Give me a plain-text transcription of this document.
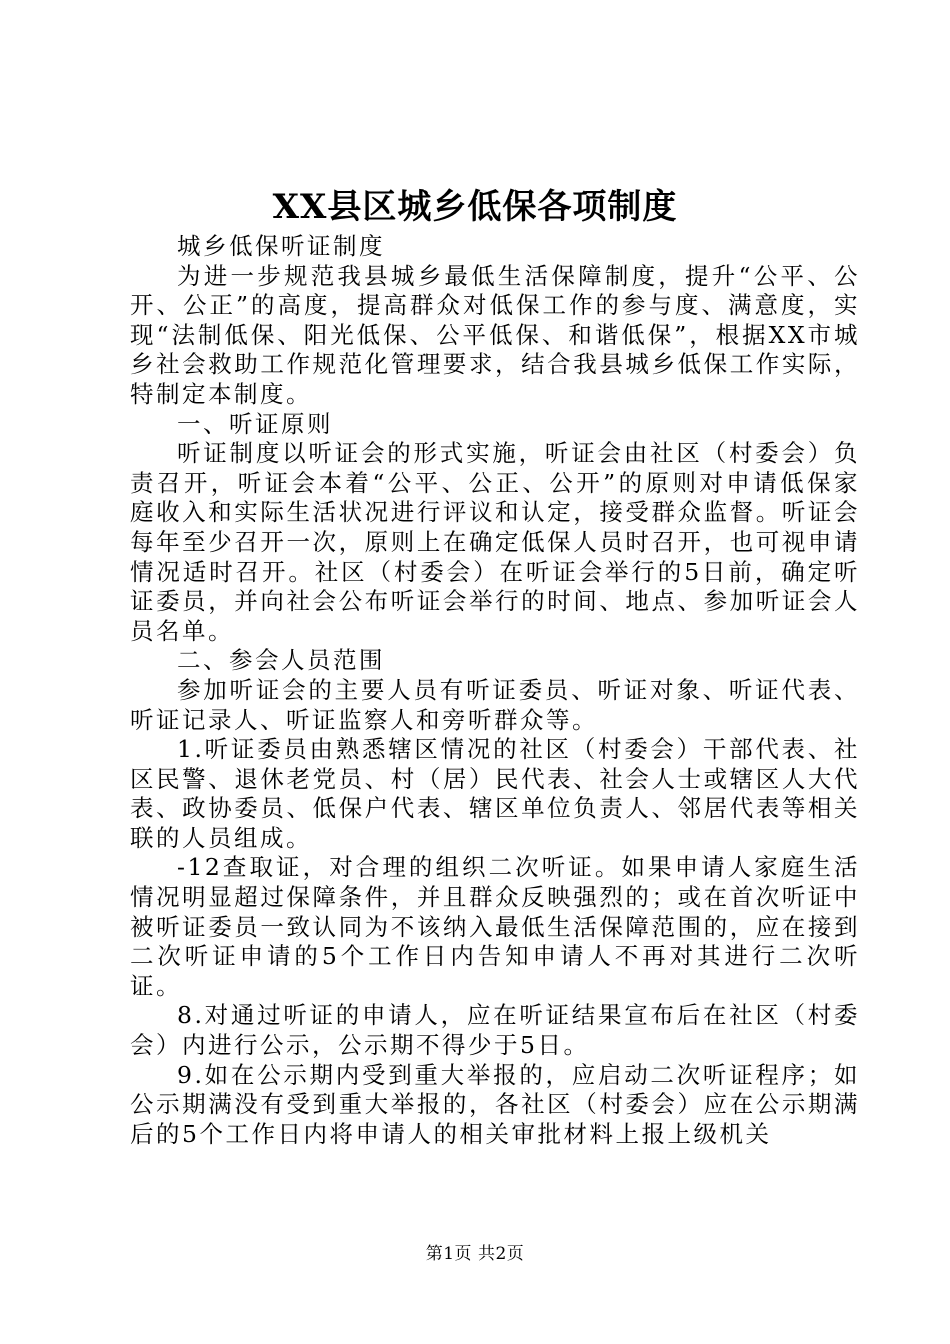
XX县区城乡低保各项制度

城乡低保听证制度

为进一步规范我县城乡最低生活保障制度，提升“公平、公开、公正”的高度，提高群众对低保工作的参与度、满意度，实现“法制低保、阳光低保、公平低保、和谐低保”，根据XX市城乡社会救助工作规范化管理要求，结合我县城乡低保工作实际，特制定本制度。

一、听证原则

听证制度以听证会的形式实施，听证会由社区（村委会）负责召开，听证会本着“公平、公正、公开”的原则对申请低保家庭收入和实际生活状况进行评议和认定，接受群众监督。听证会每年至少召开一次，原则上在确定低保人员时召开，也可视申请情况适时召开。社区（村委会）在听证会举行的5日前，确定听证委员，并向社会公布听证会举行的时间、地点、参加听证会人员名单。

二、参会人员范围

参加听证会的主要人员有听证委员、听证对象、听证代表、听证记录人、听证监察人和旁听群众等。

1.听证委员由熟悉辖区情况的社区（村委会）干部代表、社区民警、退休老党员、村（居）民代表、社会人士或辖区人大代表、政协委员、低保户代表、辖区单位负责人、邻居代表等相关联的人员组成。

-12查取证，对合理的组织二次听证。如果申请人家庭生活情况明显超过保障条件，并且群众反映强烈的；或在首次听证中被听证委员一致认同为不该纳入最低生活保障范围的，应在接到二次听证申请的5个工作日内告知申请人不再对其进行二次听证。

8.对通过听证的申请人，应在听证结果宣布后在社区（村委会）内进行公示，公示期不得少于5日。

9.如在公示期内受到重大举报的，应启动二次听证程序；如公示期满没有受到重大举报的，各社区（村委会）应在公示期满后的5个工作日内将申请人的相关审批材料上报上级机关

第1页 共2页
